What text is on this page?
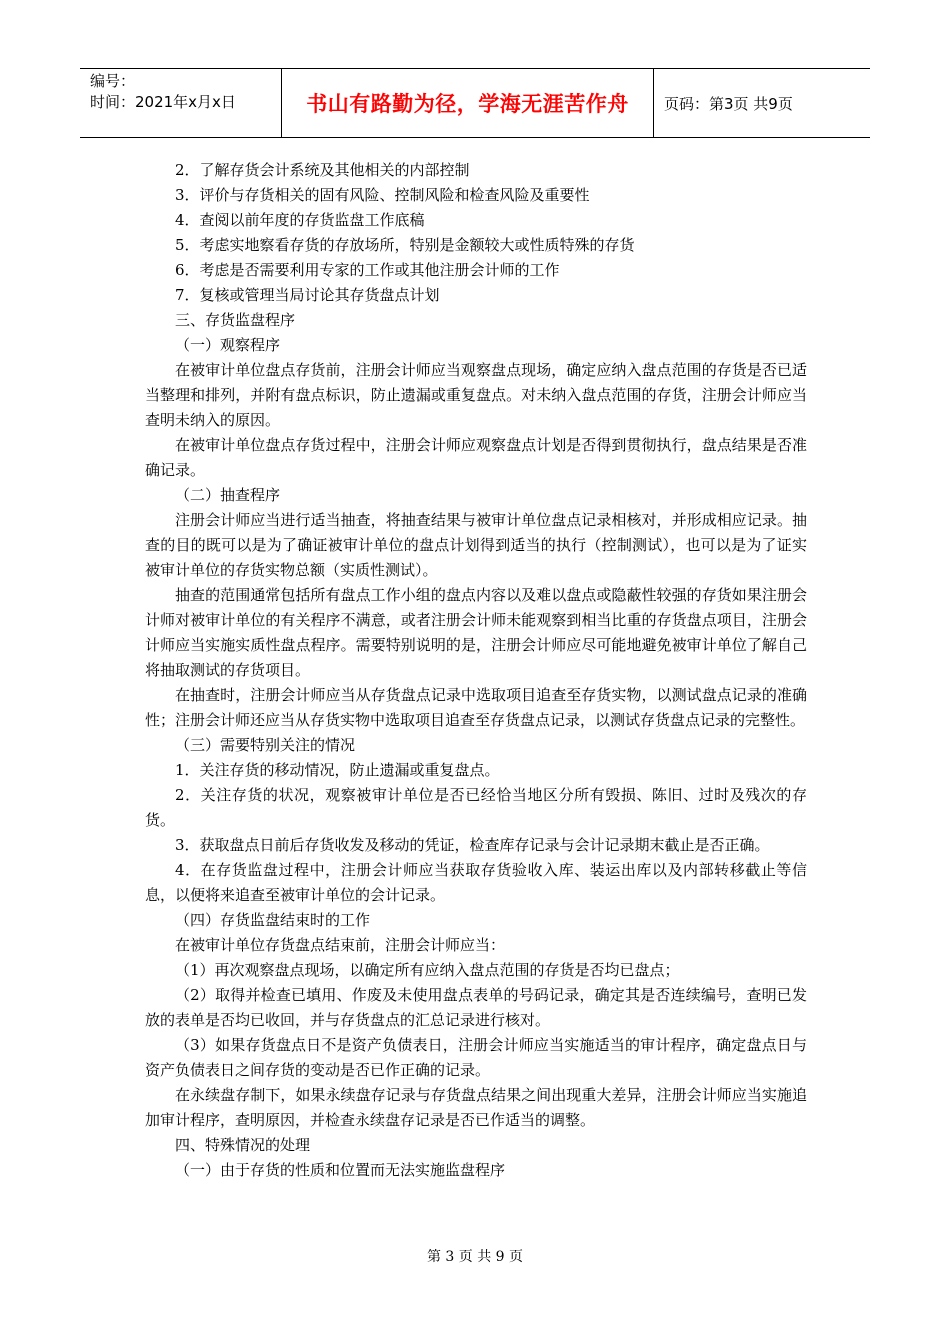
编号：
时间：2021年x月x日	书山有路勤为径，学海无涯苦作舟	页码：第3页 共9页

2．了解存货会计系统及其他相关的内部控制

3．评价与存货相关的固有风险、控制风险和检查风险及重要性

4．查阅以前年度的存货监盘工作底稿

5．考虑实地察看存货的存放场所，特别是金额较大或性质特殊的存货

6．考虑是否需要利用专家的工作或其他注册会计师的工作

7．复核或管理当局讨论其存货盘点计划

三、存货监盘程序

（一）观察程序

在被审计单位盘点存货前，注册会计师应当观察盘点现场，确定应纳入盘点范围的存货是否已适当整理和排列，并附有盘点标识，防止遗漏或重复盘点。对未纳入盘点范围的存货，注册会计师应当查明未纳入的原因。

在被审计单位盘点存货过程中，注册会计师应观察盘点计划是否得到贯彻执行，盘点结果是否准确记录。

（二）抽查程序

注册会计师应当进行适当抽查，将抽查结果与被审计单位盘点记录相核对，并形成相应记录。抽查的目的既可以是为了确证被审计单位的盘点计划得到适当的执行（控制测试），也可以是为了证实被审计单位的存货实物总额（实质性测试）。

抽查的范围通常包括所有盘点工作小组的盘点内容以及难以盘点或隐蔽性较强的存货如果注册会计师对被审计单位的有关程序不满意，或者注册会计师未能观察到相当比重的存货盘点项目，注册会计师应当实施实质性盘点程序。需要特别说明的是，注册会计师应尽可能地避免被审计单位了解自己将抽取测试的存货项目。

在抽查时，注册会计师应当从存货盘点记录中选取项目追查至存货实物，以测试盘点记录的准确性；注册会计师还应当从存货实物中选取项目追查至存货盘点记录，以测试存货盘点记录的完整性。

（三）需要特别关注的情况

1．关注存货的移动情况，防止遗漏或重复盘点。

2．关注存货的状况，观察被审计单位是否已经恰当地区分所有毁损、陈旧、过时及残次的存货。

3．获取盘点日前后存货收发及移动的凭证，检查库存记录与会计记录期末截止是否正确。

4．在存货监盘过程中，注册会计师应当获取存货验收入库、装运出库以及内部转移截止等信息，以便将来追查至被审计单位的会计记录。

（四）存货监盘结束时的工作

在被审计单位存货盘点结束前，注册会计师应当：

（1）再次观察盘点现场，以确定所有应纳入盘点范围的存货是否均已盘点；

（2）取得并检查已填用、作废及未使用盘点表单的号码记录，确定其是否连续编号，查明已发放的表单是否均已收回，并与存货盘点的汇总记录进行核对。

（3）如果存货盘点日不是资产负债表日，注册会计师应当实施适当的审计程序，确定盘点日与资产负债表日之间存货的变动是否已作正确的记录。

在永续盘存制下，如果永续盘存记录与存货盘点结果之间出现重大差异，注册会计师应当实施追加审计程序，查明原因，并检查永续盘存记录是否已作适当的调整。

四、特殊情况的处理

（一）由于存货的性质和位置而无法实施监盘程序

第 3 页 共 9 页
